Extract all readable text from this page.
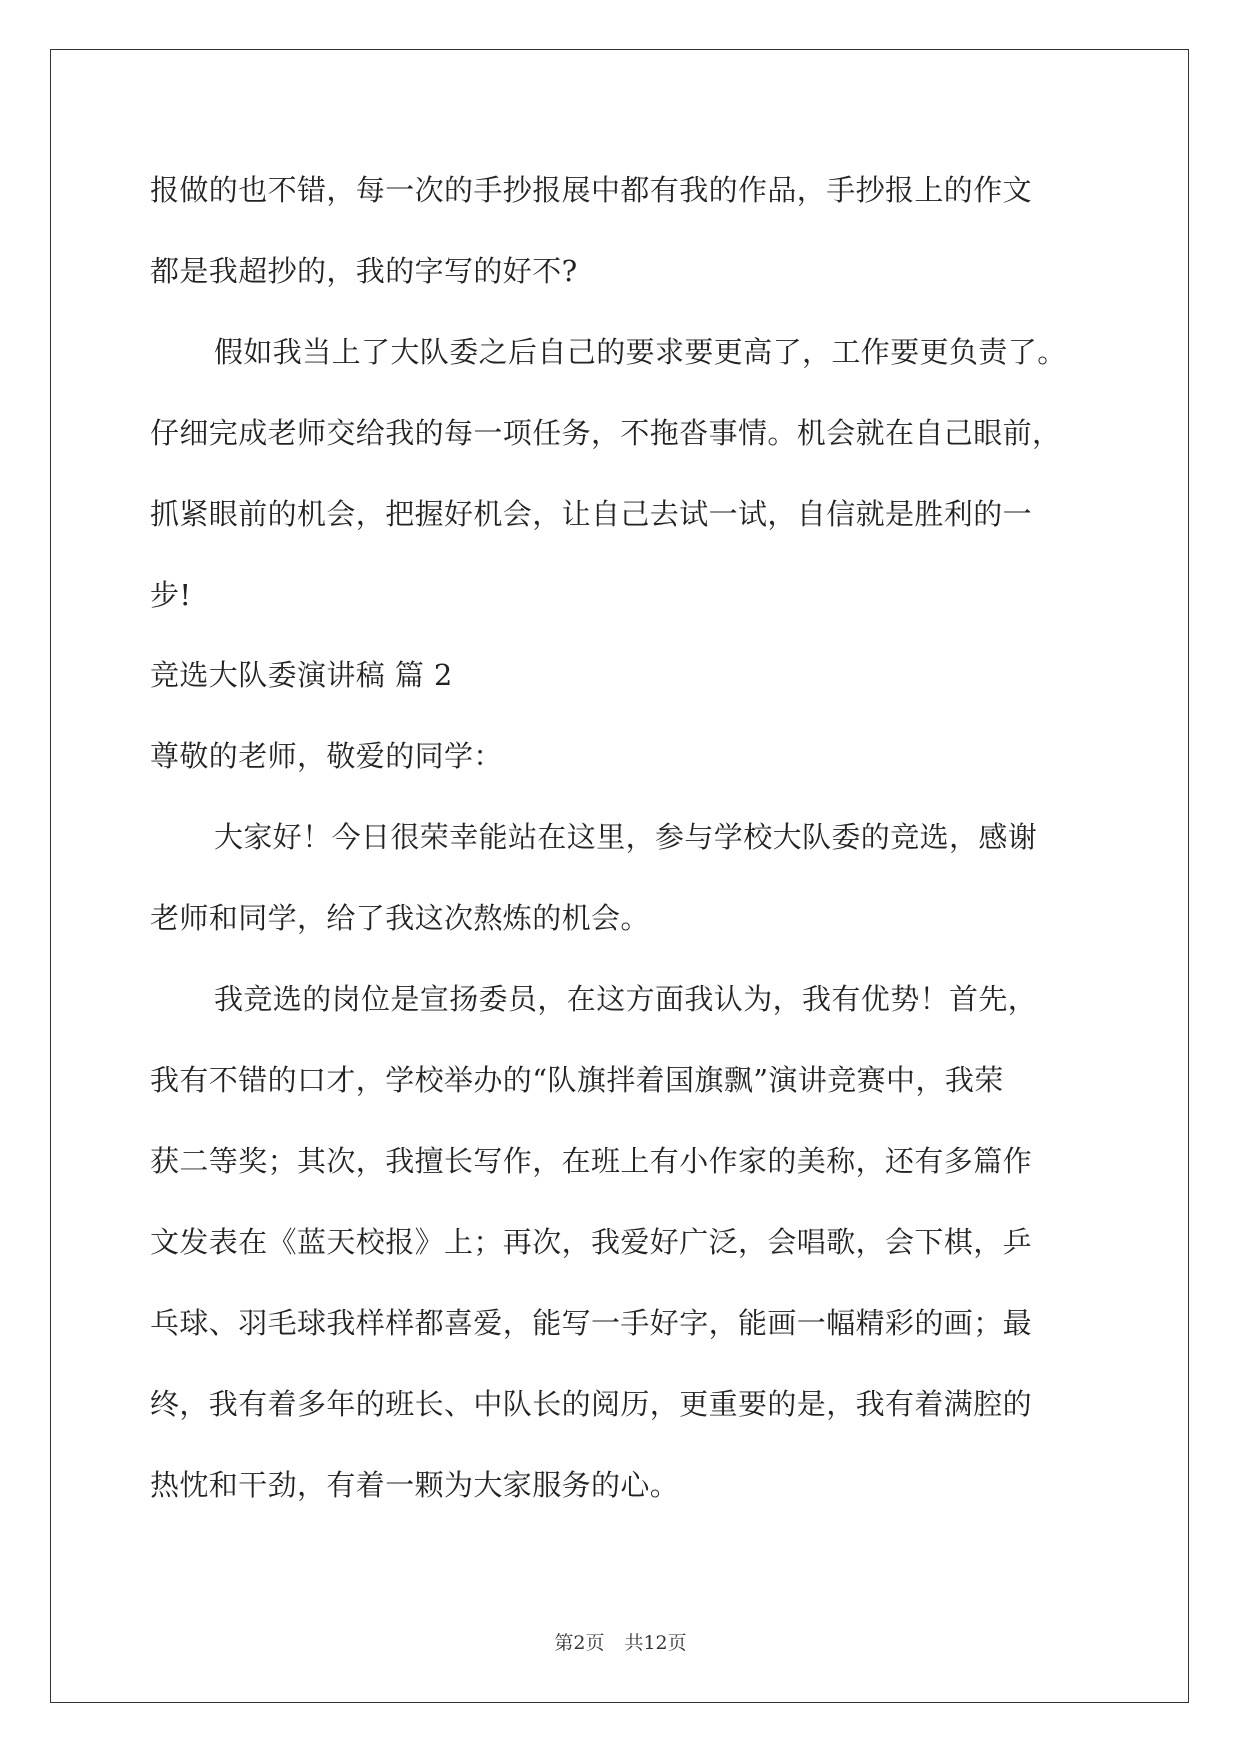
报做的也不错，每一次的手抄报展中都有我的作品，手抄报上的作文
都是我超抄的，我的字写的好不?
假如我当上了大队委之后自己的要求要更高了，工作要更负责了。
仔细完成老师交给我的每一项任务，不拖沓事情。机会就在自己眼前，
抓紧眼前的机会，把握好机会，让自己去试一试，自信就是胜利的一
步!
竞选大队委演讲稿 篇 2
尊敬的老师，敬爱的同学：
大家好！今日很荣幸能站在这里，参与学校大队委的竞选，感谢
老师和同学，给了我这次熬炼的机会。
我竞选的岗位是宣扬委员，在这方面我认为，我有优势！首先，
我有不错的口才，学校举办的“队旗拌着国旗飘”演讲竞赛中，我荣
获二等奖；其次，我擅长写作，在班上有小作家的美称，还有多篇作
文发表在《蓝天校报》上；再次，我爱好广泛，会唱歌，会下棋，乒
乓球、羽毛球我样样都喜爱，能写一手好字，能画一幅精彩的画；最
终，我有着多年的班长、中队长的阅历，更重要的是，我有着满腔的
热忱和干劲，有着一颗为大家服务的心。
第2页 共12页
